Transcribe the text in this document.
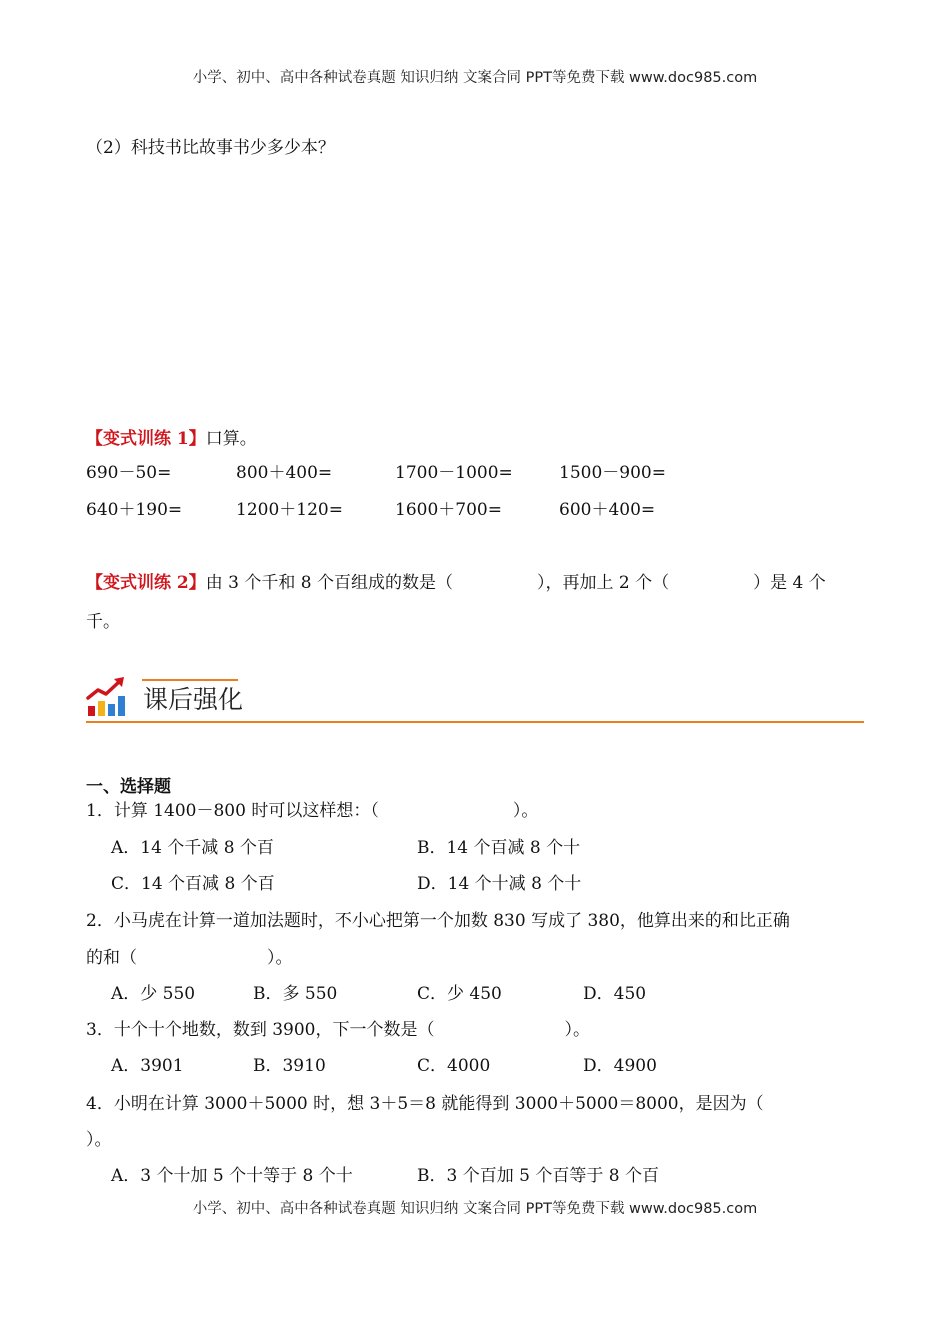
小学、初中、高中各种试卷真题 知识归纳 文案合同 PPT等免费下载 www.doc985.com
（2）科技书比故事书少多少本？
【变式训练 1】口算。
690－50=	800＋400=	1700－1000=	1500－900=
640＋190=	1200＋120=	1600＋700=	600＋400=
【变式训练 2】由 3 个千和 8 个百组成的数是（	），再加上 2 个（	）是 4 个
千。
课后强化
一、选择题
1．计算 1400－800 时可以这样想：（	）。
A．14 个千减 8 个百	B．14 个百减 8 个十
C．14 个百减 8 个百	D．14 个十减 8 个十
2．小马虎在计算一道加法题时，不小心把第一个加数 830 写成了 380，他算出来的和比正确
的和（	）。
A．少 550	B．多 550	C．少 450	D．450
3．十个十个地数，数到 3900，下一个数是（	）。
A．3901	B．3910	C．4000	D．4900
4．小明在计算 3000＋5000 时，想 3＋5＝8 就能得到 3000＋5000＝8000，是因为（
）。
A．3 个十加 5 个十等于 8 个十	B．3 个百加 5 个百等于 8 个百
小学、初中、高中各种试卷真题 知识归纳 文案合同 PPT等免费下载 www.doc985.com
